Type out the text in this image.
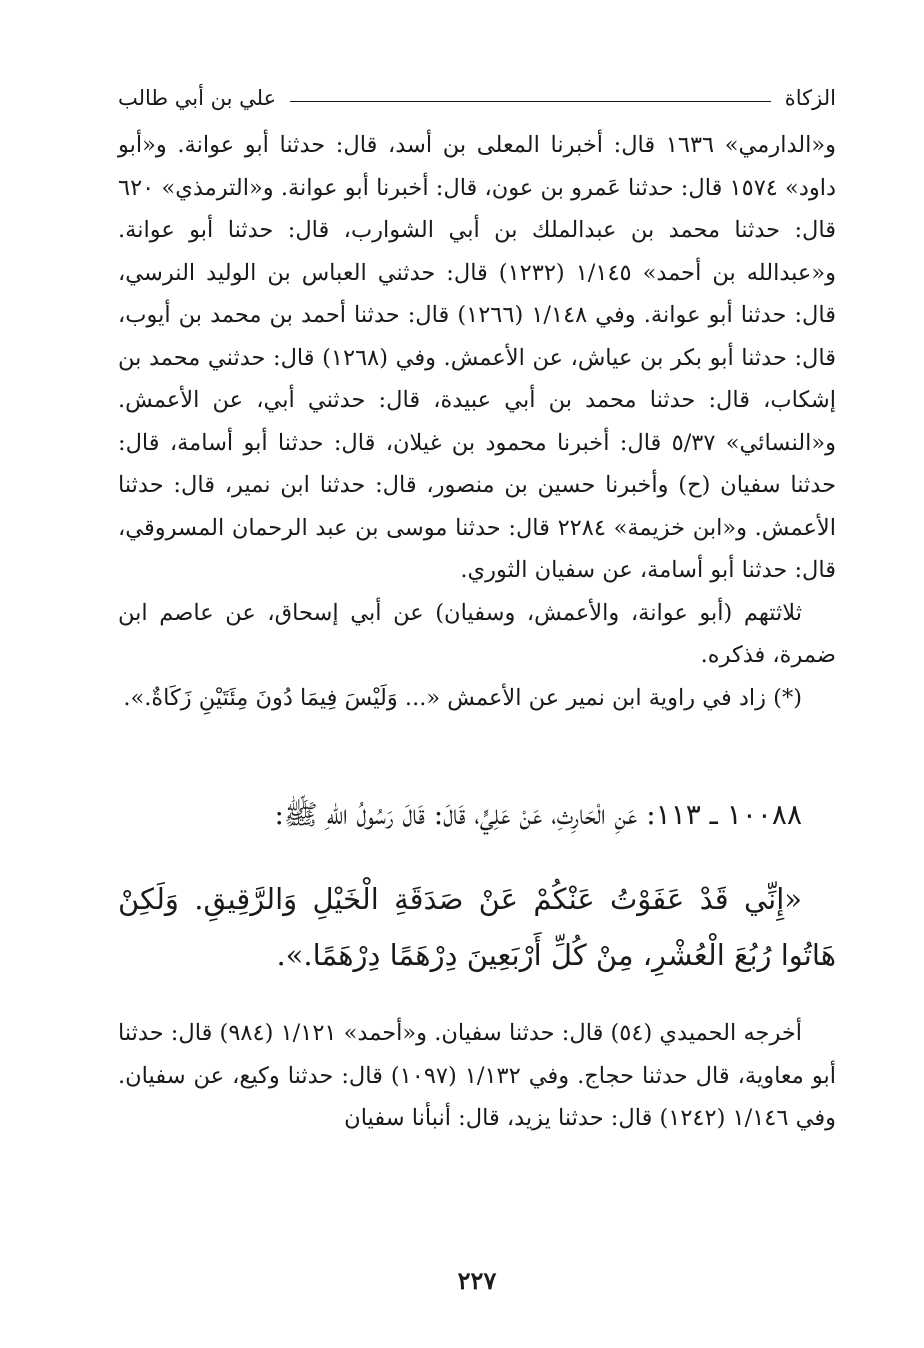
الزكاة
علي بن أبي طالب

و«الدارمي» ١٦٣٦ قال: أخبرنا المعلى بن أسد، قال: حدثنا أبو عوانة. و«أبو داود» ١٥٧٤ قال: حدثنا عَمرو بن عون، قال: أخبرنا أبو عوانة. و«الترمذي» ٦٢٠ قال: حدثنا محمد بن عبدالملك بن أبي الشوارب، قال: حدثنا أبو عوانة. و«عبدالله بن أحمد» ١/١٤٥ (١٢٣٢) قال: حدثني العباس بن الوليد النرسي، قال: حدثنا أبو عوانة. وفي ١/١٤٨ (١٢٦٦) قال: حدثنا أحمد بن محمد بن أيوب، قال: حدثنا أبو بكر بن عياش، عن الأعمش. وفي (١٢٦٨) قال: حدثني محمد بن إشكاب، قال: حدثنا محمد بن أبي عبيدة، قال: حدثني أبي، عن الأعمش. و«النسائي» ٥/٣٧ قال: أخبرنا محمود بن غيلان، قال: حدثنا أبو أسامة، قال: حدثنا سفيان (ح) وأخبرنا حسين بن منصور، قال: حدثنا ابن نمير، قال: حدثنا الأعمش. و«ابن خزيمة» ٢٢٨٤ قال: حدثنا موسى بن عبد الرحمان المسروقي، قال: حدثنا أبو أسامة، عن سفيان الثوري.

ثلاثتهم (أبو عوانة، والأعمش، وسفيان) عن أبي إسحاق، عن عاصم ابن ضمرة، فذكره.

(*) زاد في راوية ابن نمير عن الأعمش «... وَلَيْسَ فِيمَا دُونَ مِئَتَيْنِ زَكَاةٌ.».

١٠٠٨٨ ـ ١١٣: عَنِ الْحَارِثِ، عَنْ عَلِيٍّ، قَالَ: قَالَ رَسُولُ اللهِ ﷺ:

«إِنِّي قَدْ عَفَوْتُ عَنْكُمْ عَنْ صَدَقَةِ الْخَيْلِ وَالرَّقِيقِ. وَلَكِنْ هَاتُوا رُبُعَ الْعُشْرِ، مِنْ كُلِّ أَرْبَعِينَ دِرْهَمًا دِرْهَمًا.».

أخرجه الحميدي (٥٤) قال: حدثنا سفيان. و«أحمد» ١/١٢١ (٩٨٤) قال: حدثنا أبو معاوية، قال حدثنا حجاج. وفي ١/١٣٢ (١٠٩٧) قال: حدثنا وكيع، عن سفيان. وفي ١/١٤٦ (١٢٤٢) قال: حدثنا يزيد، قال: أنبأنا سفيان

٢٢٧
